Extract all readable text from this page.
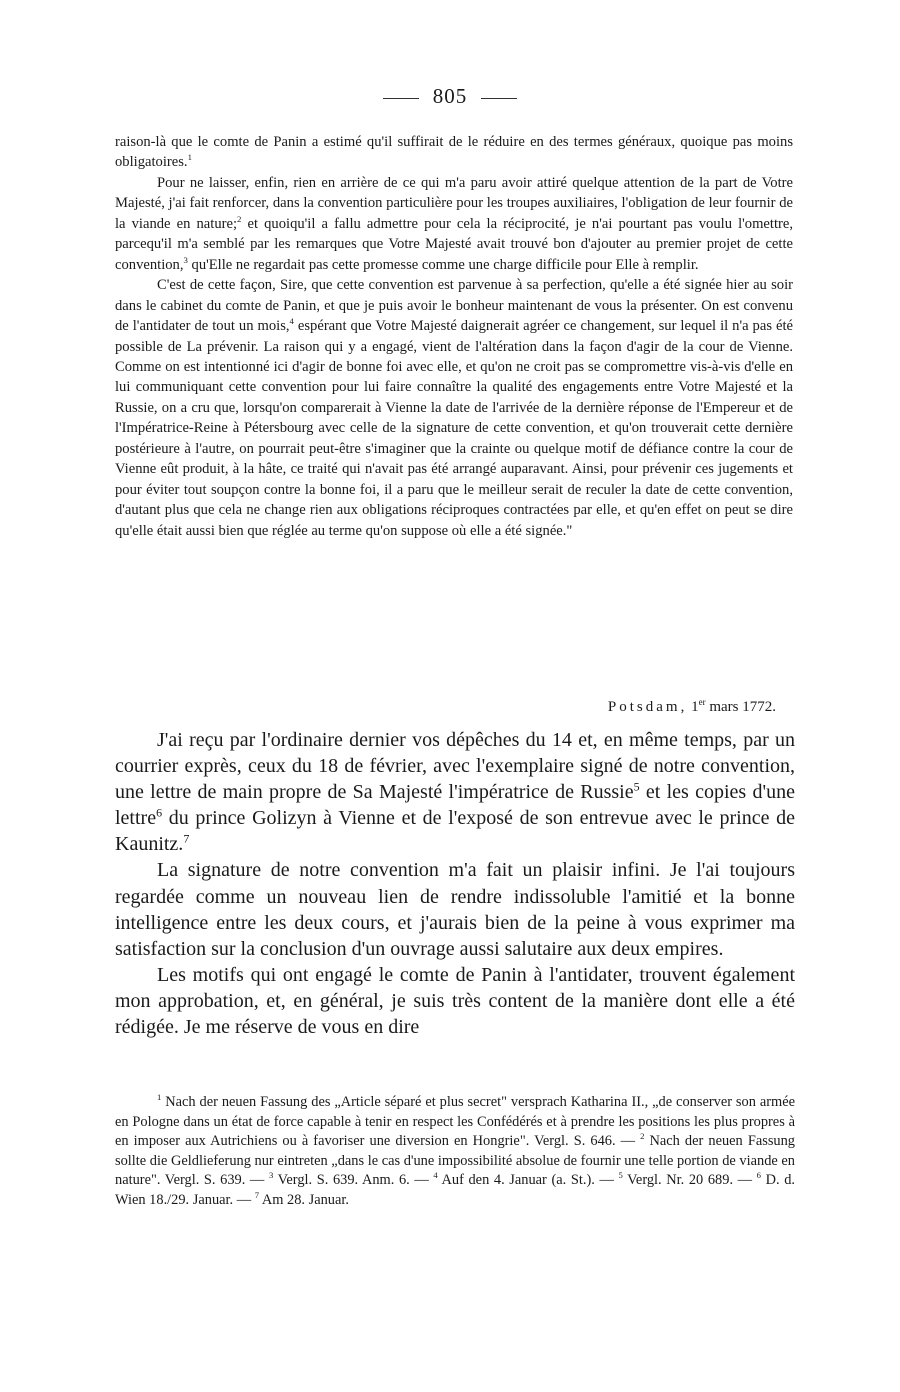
805

raison-là que le comte de Panin a estimé qu'il suffirait de le réduire en des termes généraux, quoique pas moins obligatoires.$^1$

Pour ne laisser, enfin, rien en arrière de ce qui m'a paru avoir attiré quelque attention de la part de Votre Majesté, j'ai fait renforcer, dans la convention particulière pour les troupes auxiliaires, l'obligation de leur fournir de la viande en nature;$^2$ et quoiqu'il a fallu admettre pour cela la réciprocité, je n'ai pourtant pas voulu l'omettre, parcequ'il m'a semblé par les remarques que Votre Majesté avait trouvé bon d'ajouter au premier projet de cette convention,$^3$ qu'Elle ne regardait pas cette promesse comme une charge difficile pour Elle à remplir.

C'est de cette façon, Sire, que cette convention est parvenue à sa perfection, qu'elle a été signée hier au soir dans le cabinet du comte de Panin, et que je puis avoir le bonheur maintenant de vous la présenter. On est convenu de l'antidater de tout un mois,$^4$ espérant que Votre Majesté daignerait agréer ce changement, sur lequel il n'a pas été possible de La prévenir. La raison qui y a engagé, vient de l'altération dans la façon d'agir de la cour de Vienne. Comme on est intentionné ici d'agir de bonne foi avec elle, et qu'on ne croit pas se compromettre vis-à-vis d'elle en lui communiquant cette convention pour lui faire connaître la qualité des engagements entre Votre Majesté et la Russie, on a cru que, lorsqu'on comparerait à Vienne la date de l'arrivée de la dernière réponse de l'Empereur et de l'Impératrice-Reine à Pétersbourg avec celle de la signature de cette convention, et qu'on trouverait cette dernière postérieure à l'autre, on pourrait peut-être s'imaginer que la crainte ou quelque motif de défiance contre la cour de Vienne eût produit, à la hâte, ce traité qui n'avait pas été arrangé auparavant. Ainsi, pour prévenir ces jugements et pour éviter tout soupçon contre la bonne foi, il a paru que le meilleur serait de reculer la date de cette convention, d'autant plus que cela ne change rien aux obligations réciproques contractées par elle, et qu'en effet on peut se dire qu'elle était aussi bien que réglée au terme qu'on suppose où elle a été signée."

Potsdam, 1er mars 1772.

J'ai reçu par l'ordinaire dernier vos dépêches du 14 et, en même temps, par un courrier exprès, ceux du 18 de février, avec l'exemplaire signé de notre convention, une lettre de main propre de Sa Majesté l'impératrice de Russie$^5$ et les copies d'une lettre$^6$ du prince Golizyn à Vienne et de l'exposé de son entrevue avec le prince de Kaunitz.$^7$

La signature de notre convention m'a fait un plaisir infini. Je l'ai toujours regardée comme un nouveau lien de rendre indissoluble l'amitié et la bonne intelligence entre les deux cours, et j'aurais bien de la peine à vous exprimer ma satisfaction sur la conclusion d'un ouvrage aussi salutaire aux deux empires.

Les motifs qui ont engagé le comte de Panin à l'antidater, trouvent également mon approbation, et, en général, je suis très content de la manière dont elle a été rédigée. Je me réserve de vous en dire

$^1$ Nach der neuen Fassung des „Article séparé et plus secret" versprach Katharina II., „de conserver son armée en Pologne dans un état de force capable à tenir en respect les Confédérés et à prendre les positions les plus propres à en imposer aux Autrichiens ou à favoriser une diversion en Hongrie". Vergl. S. 646. — $^2$ Nach der neuen Fassung sollte die Geldlieferung nur eintreten „dans le cas d'une impossibilité absolue de fournir une telle portion de viande en nature". Vergl. S. 639. — $^3$ Vergl. S. 639. Anm. 6. — $^4$ Auf den 4. Januar (a. St.). — $^5$ Vergl. Nr. 20 689. — $^6$ D. d. Wien 18./29. Januar. — $^7$ Am 28. Januar.
